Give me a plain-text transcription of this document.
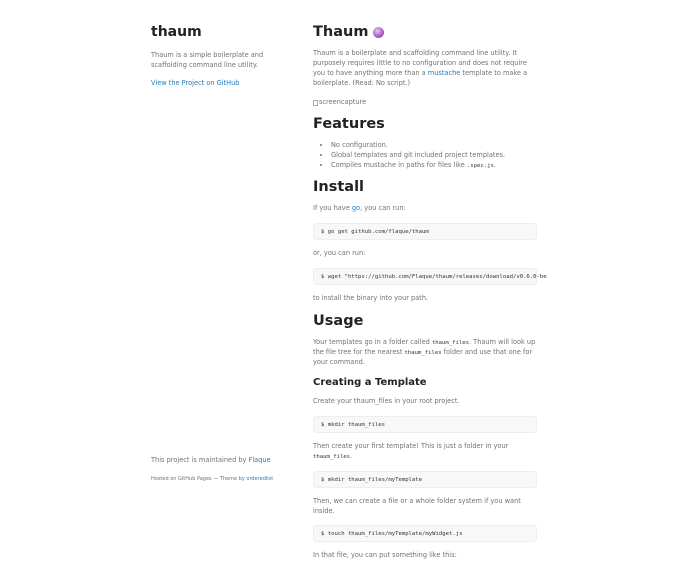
thaum

Thaum is a simple boilerplate and scaffolding command line utility.

View the Project on GitHub

This project is maintained by Flaque
Hosted on GitHub Pages — Theme by orderedlist
Thaum

Thaum is a boilerplate and scaffolding command line utility. It purposely requires little to no configuration and does not require you to have anything more than a mustache template to make a boilerplate. (Read: No script.)

screencapture
Features
• No configuration.
• Global templates and git included project templates.
• Compiles mustache in paths for files like .spec.js.
Install

If you have go, you can run:

$ go get github.com/flaque/thaum

or, you can run:

$ wget "https://github.com/Flaque/thaum/releases/download/v0.6.0-be

to install the binary into your path.

Usage

Your templates go in a folder called thaum_files. Thaum will look up the file tree for the nearest thaum_files folder and use that one for your command.

Creating a Template

Create your thaum_files in your root project.

$ mkdir thaum_files

Then create your first template! This is just a folder in your thaum_files.

$ mkdir thaum_files/myTemplate

Then, we can create a file or a whole folder system if you want inside.

$ touch thaum_files/myTemplate/myWidget.js

In that file, you can put something like this:
